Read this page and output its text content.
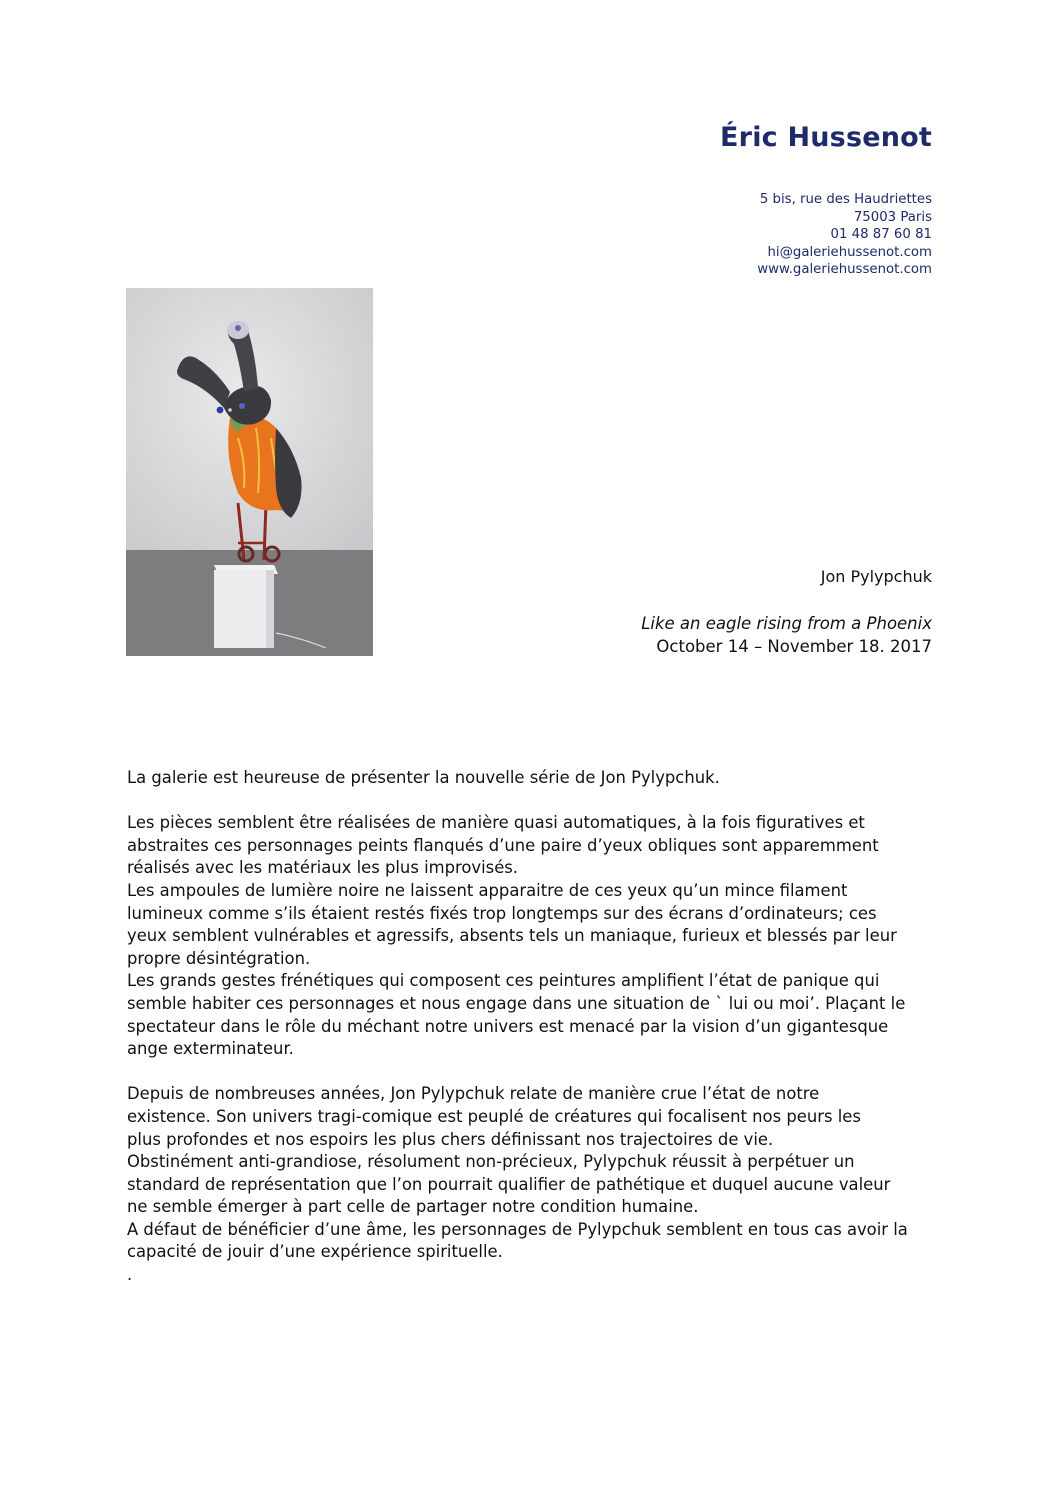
Éric Hussenot
5 bis, rue des Haudriettes
75003 Paris
01 48 87 60 81
hi@galeriehussenot.com
www.galeriehussenot.com
Jon Pylypchuk
Like an eagle rising from a Phoenix
October 14 – November 18. 2017

La galerie est heureuse de présenter la nouvelle série de Jon Pylypchuk.

Les pièces semblent être réalisées de manière quasi automatiques, à la fois figuratives et

abstraites ces personnages peints flanqués d’une paire d’yeux obliques sont apparemment

réalisés avec les matériaux les plus improvisés.

Les ampoules de lumière noire ne laissent apparaitre de ces yeux qu’un mince filament

lumineux comme s’ils étaient restés fixés trop longtemps sur des écrans d’ordinateurs; ces

yeux semblent vulnérables et agressifs, absents tels un maniaque, furieux et blessés par leur

propre désintégration.

Les grands gestes frénétiques qui composent ces peintures amplifient l’état de panique qui

semble habiter ces personnages et nous engage dans une situation de ` lui ou moi’. Plaçant le

spectateur dans le rôle du méchant notre univers est menacé par la vision d’un gigantesque

ange exterminateur.

Depuis de nombreuses années, Jon Pylypchuk relate de manière crue l’état de notre

existence. Son univers tragi-comique est peuplé de créatures qui focalisent nos peurs les

plus profondes et nos espoirs les plus chers définissant nos trajectoires de vie.

Obstinément anti-grandiose, résolument non-précieux, Pylypchuk réussit à perpétuer un

standard de représentation que l’on pourrait qualifier de pathétique et duquel aucune valeur

ne semble émerger à part celle de partager notre condition humaine.

A défaut de bénéficier d’une âme, les personnages de Pylypchuk semblent en tous cas avoir la

capacité de jouir d’une expérience spirituelle.

.
